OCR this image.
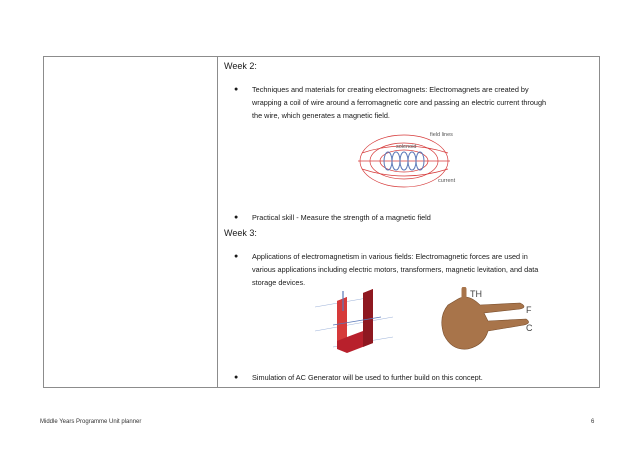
Week 2:
● Techniques and materials for creating electromagnets: Electromagnets are created by wrapping a coil of wire around a ferromagnetic core and passing an electric current through the wire, which generates a magnetic field.
field lines
solenoid
current
● Practical skill - Measure the strength of a magnetic field
Week 3:
● Applications of electromagnetism in various fields: Electromagnetic forces are used in various applications including electric motors, transformers, magnetic levitation, and data storage devices.
TH
F
C
● Simulation of AC Generator will be used to further build on this concept.
Middle Years Programme Unit planner	6
